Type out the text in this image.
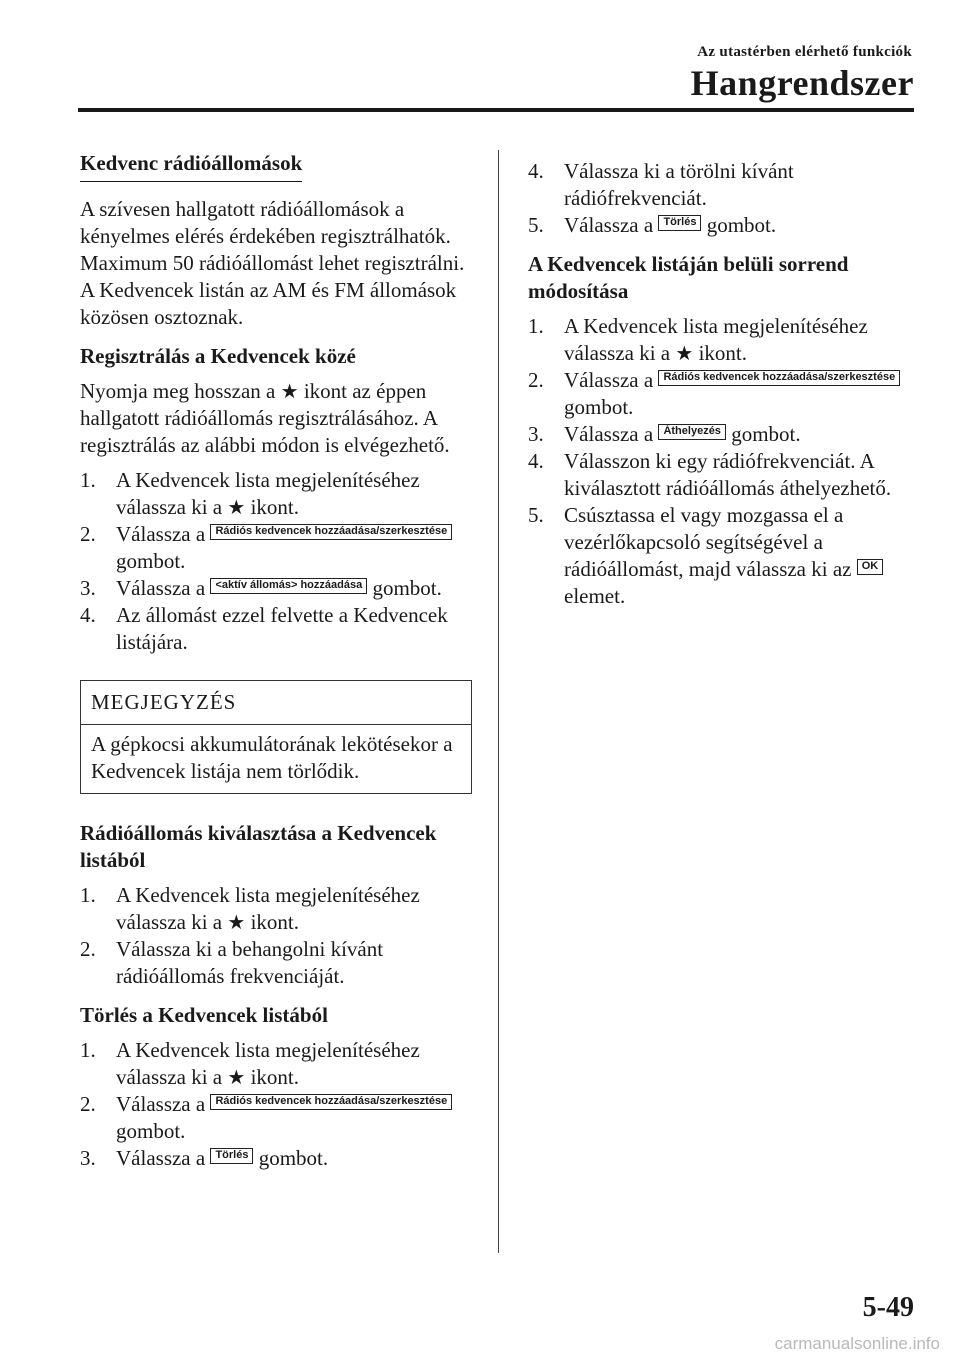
Az utastérben elérhető funkciók
Hangrendszer
Kedvenc rádióállomások

A szívesen hallgatott rádióállomások a kényelmes elérés érdekében regisztrálhatók. Maximum 50 rádióállomást lehet regisztrálni. A Kedvencek listán az AM és FM állomások közösen osztoznak.

Regisztrálás a Kedvencek közé

Nyomja meg hosszan a ★ ikont az éppen hallgatott rádióállomás regisztrálásához. A regisztrálás az alábbi módon is elvégezhető.

1. A Kedvencek lista megjelenítéséhez válassza ki a ★ ikont.
2. Válassza a Rádiós kedvencek hozzáadása/szerkesztése gombot.
3. Válassza a <aktív állomás> hozzáadása gombot.
4. Az állomást ezzel felvette a Kedvencek listájára.
MEGJEGYZÉS
A gépkocsi akkumulátorának lekötésekor a Kedvencek listája nem törlődik.
Rádióállomás kiválasztása a Kedvencek listából
1. A Kedvencek lista megjelenítéséhez válassza ki a ★ ikont.
2. Válassza ki a behangolni kívánt rádióállomás frekvenciáját.
Törlés a Kedvencek listából
1. A Kedvencek lista megjelenítéséhez válassza ki a ★ ikont.
2. Válassza a Rádiós kedvencek hozzáadása/szerkesztése gombot.
3. Válassza a Törlés gombot.
4. Válassza ki a törölni kívánt rádiófrekvenciát.
5. Válassza a Törlés gombot.
A Kedvencek listáján belüli sorrend módosítása
1. A Kedvencek lista megjelenítéséhez válassza ki a ★ ikont.
2. Válassza a Rádiós kedvencek hozzáadása/szerkesztése gombot.
3. Válassza a Áthelyezés gombot.
4. Válasszon ki egy rádiófrekvenciát. A kiválasztott rádióállomás áthelyezhető.
5. Csúsztassa el vagy mozgassa el a vezérlőkapcsoló segítségével a rádióállomást, majd válassza ki az OK elemet.
5-49
carmanualsonline.info
